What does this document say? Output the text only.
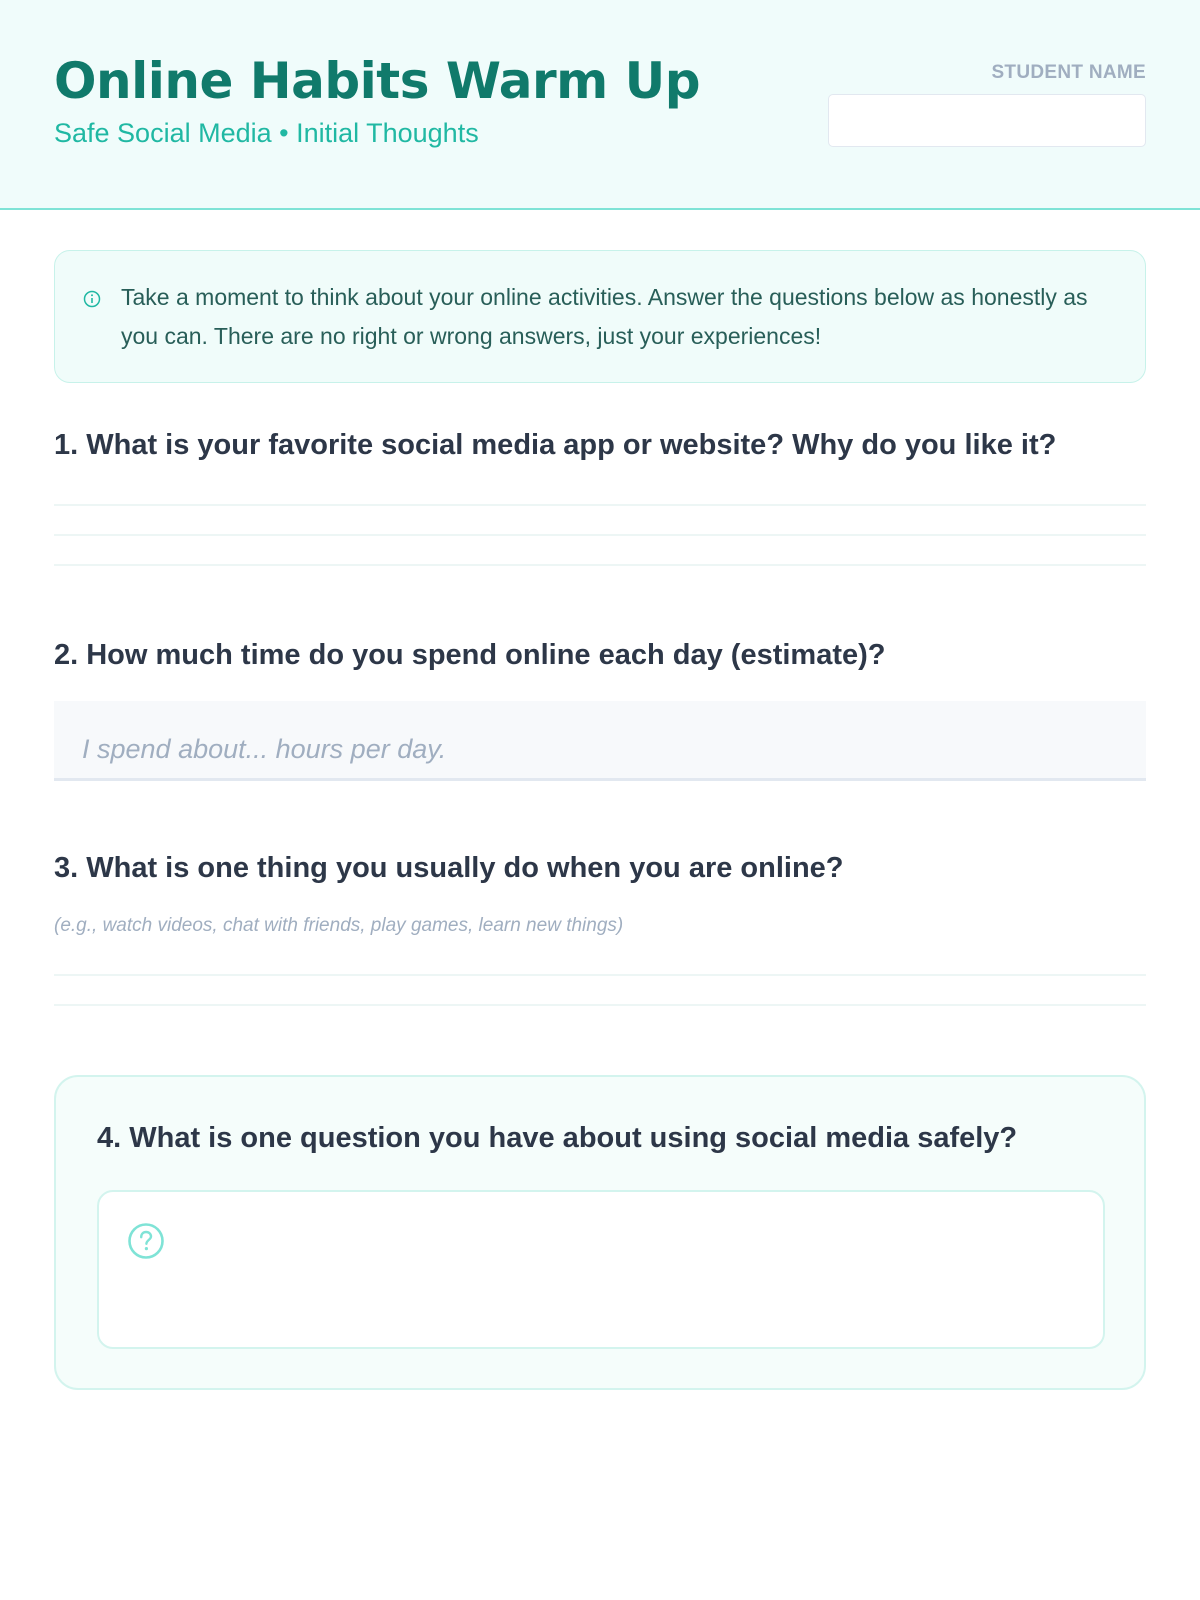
Online Habits Warm Up
Safe Social Media • Initial Thoughts
STUDENT NAME
Take a moment to think about your online activities. Answer the questions below as honestly as you can. There are no right or wrong answers, just your experiences!
1. What is your favorite social media app or website? Why do you like it?
2. How much time do you spend online each day (estimate)?
I spend about... hours per day.
3. What is one thing you usually do when you are online?
(e.g., watch videos, chat with friends, play games, learn new things)
4. What is one question you have about using social media safely?
